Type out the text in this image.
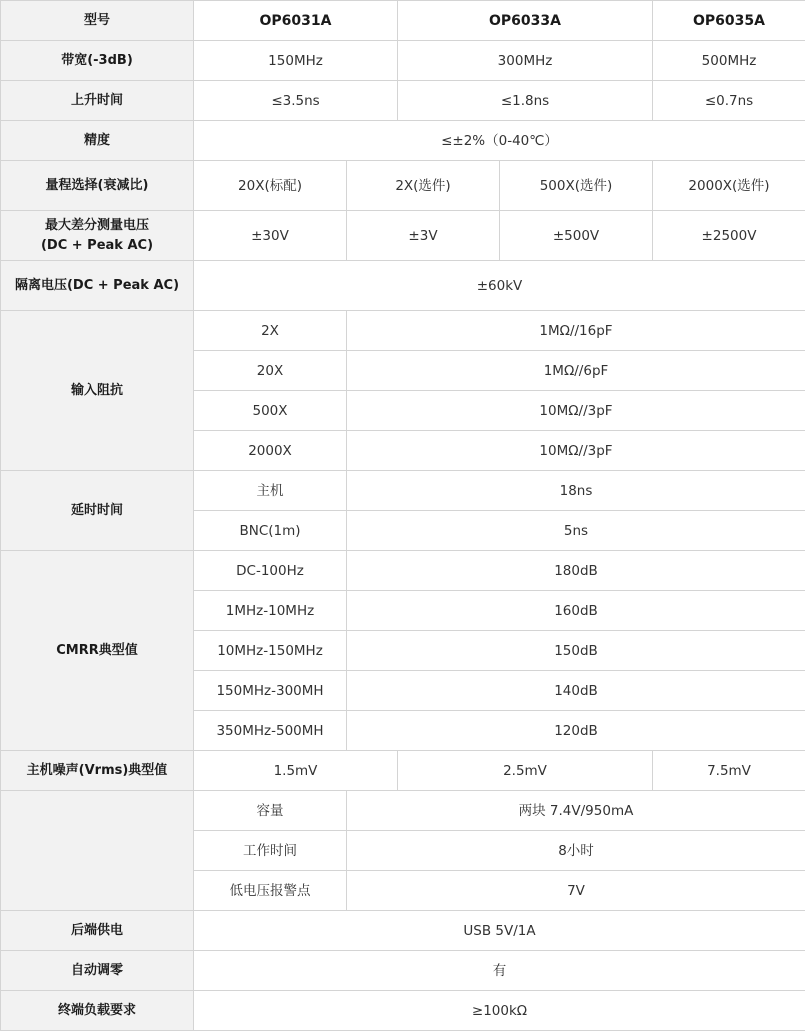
型号	OP6031A		OP6033A		OP6035A
带宽(-3dB)	150MHz		300MHz		500MHz
上升时间	≤3.5ns		≤1.8ns		≤0.7ns
精度	≤±2%（0-40℃）				
量程选择(衰减比)	20X(标配)	2X(选件)		500X(选件)	2000X(选件)

最大差分测量电压
(DC + Peak AC)	±30V	±3V		±500V	±2500V
隔离电压(DC + Peak AC)	±60kV				
输入阻抗	2X	1MΩ//16pF			
	20X	1MΩ//6pF			
	500X	10MΩ//3pF			
	2000X	10MΩ//3pF			
延时时间	主机	18ns			
	BNC(1m)	5ns			
CMRR典型值	DC-100Hz	180dB			
	1MHz-10MHz	160dB			
	10MHz-150MHz	150dB			
	150MHz-300MH	140dB			
	350MHz-500MH	120dB			
主机噪声(Vrms)典型值	1.5mV		2.5mV		7.5mV
	容量	两块 7.4V/950mA			
	工作时间	8小时			
	低电压报警点	7V			
后端供电	USB 5V/1A				
自动调零	有				
终端负载要求	≥100kΩ				
